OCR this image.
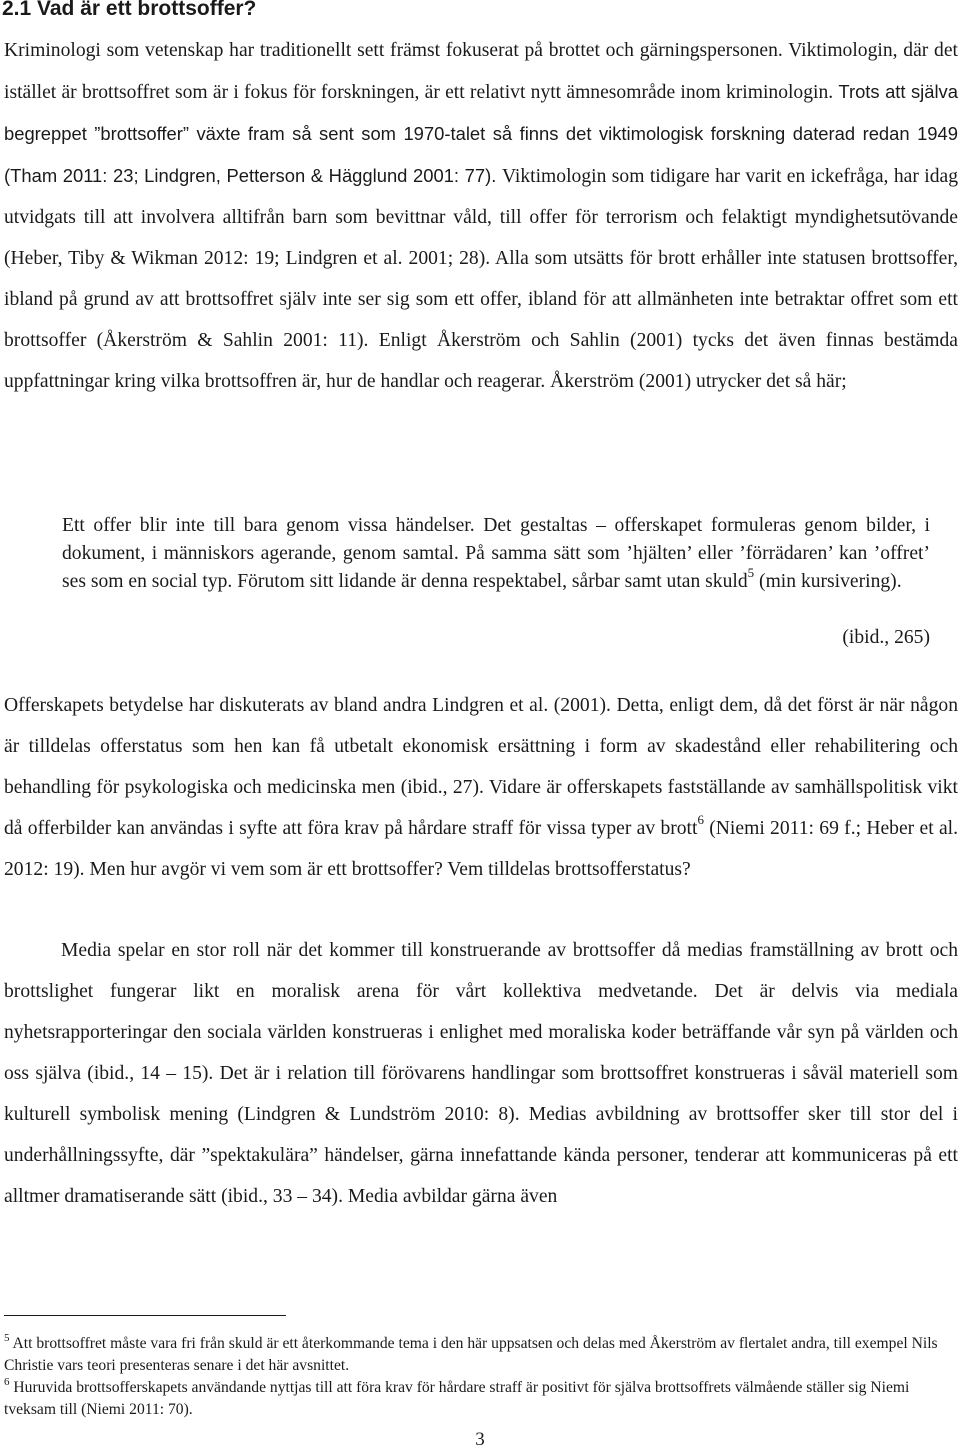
2.1 Vad är ett brottsoffer?

Kriminologi som vetenskap har traditionellt sett främst fokuserat på brottet och gärningspersonen. Viktimologin, där det istället är brottsoffret som är i fokus för forskningen, är ett relativt nytt ämnesområde inom kriminologin. Trots att själva begreppet ”brottsoffer” växte fram så sent som 1970-talet så finns det viktimologisk forskning daterad redan 1949 (Tham 2011: 23; Lindgren, Petterson & Hägglund 2001: 77). Viktimologin som tidigare har varit en ickefråga, har idag utvidgats till att involvera alltifrån barn som bevittnar våld, till offer för terrorism och felaktigt myndighetsutövande (Heber, Tiby & Wikman 2012: 19; Lindgren et al. 2001; 28). Alla som utsätts för brott erhåller inte statusen brottsoffer, ibland på grund av att brottsoffret själv inte ser sig som ett offer, ibland för att allmänheten inte betraktar offret som ett brottsoffer (Åkerström & Sahlin 2001: 11). Enligt Åkerström och Sahlin (2001) tycks det även finnas bestämda uppfattningar kring vilka brottsoffren är, hur de handlar och reagerar. Åkerström (2001) utrycker det så här;

Ett offer blir inte till bara genom vissa händelser. Det gestaltas – offerskapet formuleras genom bilder, i dokument, i människors agerande, genom samtal. På samma sätt som ’hjälten’ eller ’förrädaren’ kan ’offret’ ses som en social typ. Förutom sitt lidande är denna respektabel, sårbar samt utan skuld$^5$ (min kursivering).

(ibid., 265)

Offerskapets betydelse har diskuterats av bland andra Lindgren et al. (2001). Detta, enligt dem, då det först är när någon är tilldelas offerstatus som hen kan få utbetalt ekonomisk ersättning i form av skadestånd eller rehabilitering och behandling för psykologiska och medicinska men (ibid., 27). Vidare är offerskapets fastställande av samhällspolitisk vikt då offerbilder kan användas i syfte att föra krav på hårdare straff för vissa typer av brott$^6$ (Niemi 2011: 69 f.; Heber et al. 2012: 19). Men hur avgör vi vem som är ett brottsoffer? Vem tilldelas brottsofferstatus?

Media spelar en stor roll när det kommer till konstruerande av brottsoffer då medias framställning av brott och brottslighet fungerar likt en moralisk arena för vårt kollektiva medvetande. Det är delvis via mediala nyhetsrapporteringar den sociala världen konstrueras i enlighet med moraliska koder beträffande vår syn på världen och oss själva (ibid., 14 – 15). Det är i relation till förövarens handlingar som brottsoffret konstrueras i såväl materiell som kulturell symbolisk mening (Lindgren & Lundström 2010: 8). Medias avbildning av brottsoffer sker till stor del i underhållningssyfte, där ”spektakulära” händelser, gärna innefattande kända personer, tenderar att kommuniceras på ett alltmer dramatiserande sätt (ibid., 33 – 34). Media avbildar gärna även

$^5$ Att brottsoffret måste vara fri från skuld är ett återkommande tema i den här uppsatsen och delas med Åkerström av flertalet andra, till exempel Nils Christie vars teori presenteras senare i det här avsnittet.

$^6$ Huruvida brottsofferskapets användande nyttjas till att föra krav för hårdare straff är positivt för själva brottsoffrets välmående ställer sig Niemi tveksam till (Niemi 2011: 70).

3
